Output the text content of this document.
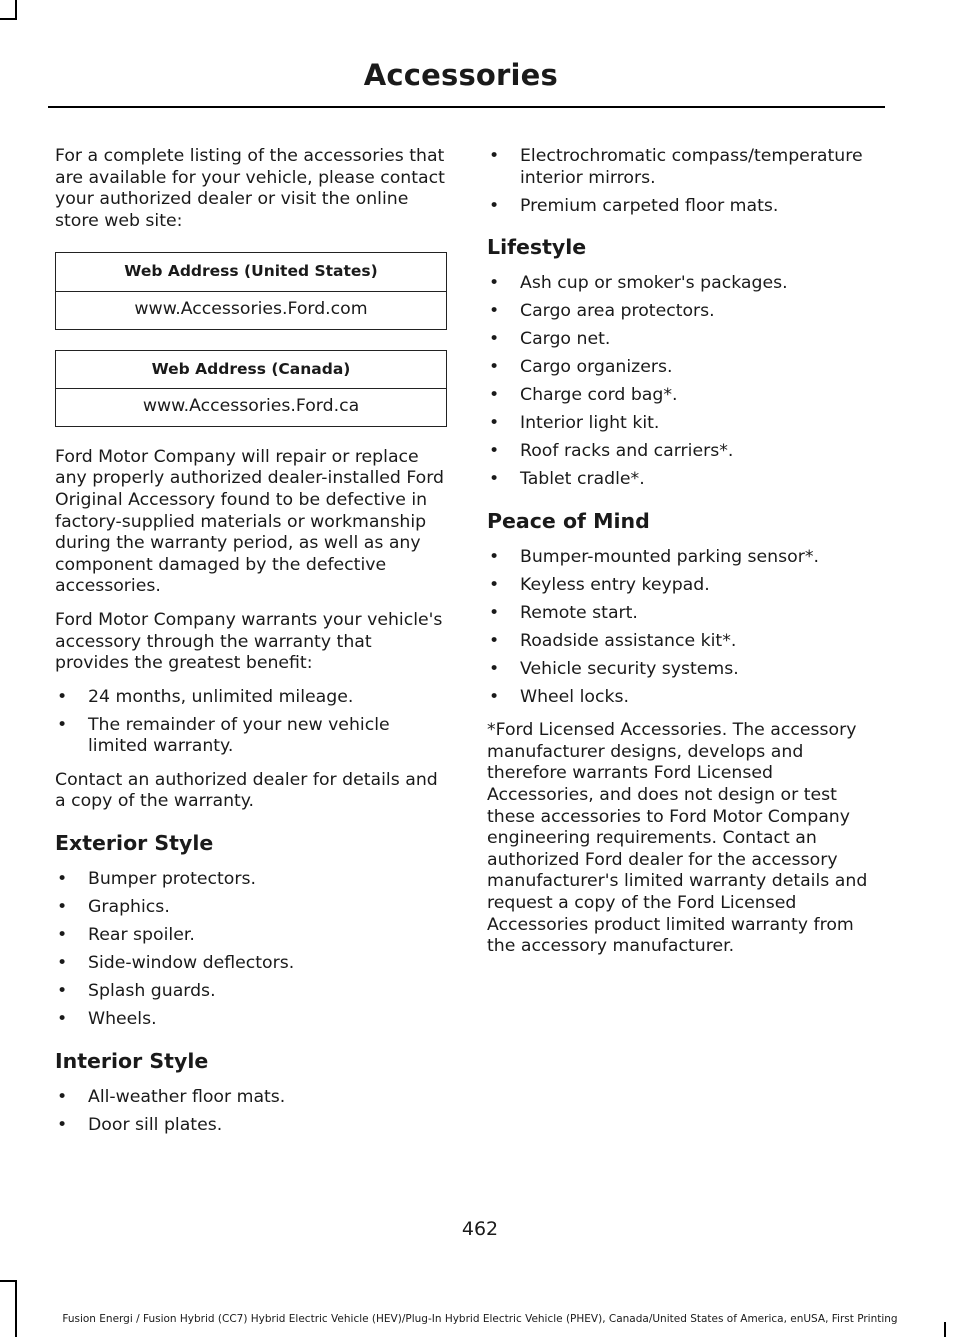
Accessories

For a complete listing of the accessories that are available for your vehicle, please contact your authorized dealer or visit the online store web site:

Web Address (United States)
www.Accessories.Ford.com
Web Address (Canada)
www.Accessories.Ford.ca

Ford Motor Company will repair or replace any properly authorized dealer-installed Ford Original Accessory found to be defective in factory-supplied materials or workmanship during the warranty period, as well as any component damaged by the defective accessories.

Ford Motor Company warrants your vehicle's accessory through the warranty that provides the greatest benefit:

• 24 months, unlimited mileage.
• The remainder of your new vehicle limited warranty.

Contact an authorized dealer for details and a copy of the warranty.

Exterior Style
• Bumper protectors.
• Graphics.
• Rear spoiler.
• Side-window deflectors.
• Splash guards.
• Wheels.
Interior Style
• All-weather floor mats.
• Door sill plates.
• Electrochromatic compass/temperature interior mirrors.
• Premium carpeted floor mats.
Lifestyle
• Ash cup or smoker's packages.
• Cargo area protectors.
• Cargo net.
• Cargo organizers.
• Charge cord bag*.
• Interior light kit.
• Roof racks and carriers*.
• Tablet cradle*.
Peace of Mind
• Bumper-mounted parking sensor*.
• Keyless entry keypad.
• Remote start.
• Roadside assistance kit*.
• Vehicle security systems.
• Wheel locks.

*Ford Licensed Accessories. The accessory manufacturer designs, develops and therefore warrants Ford Licensed Accessories, and does not design or test these accessories to Ford Motor Company engineering requirements. Contact an authorized Ford dealer for the accessory manufacturer's limited warranty details and request a copy of the Ford Licensed Accessories product limited warranty from the accessory manufacturer.

462
Fusion Energi / Fusion Hybrid (CC7) Hybrid Electric Vehicle (HEV)/Plug-In Hybrid Electric Vehicle (PHEV), Canada/United States of America, enUSA, First Printing
